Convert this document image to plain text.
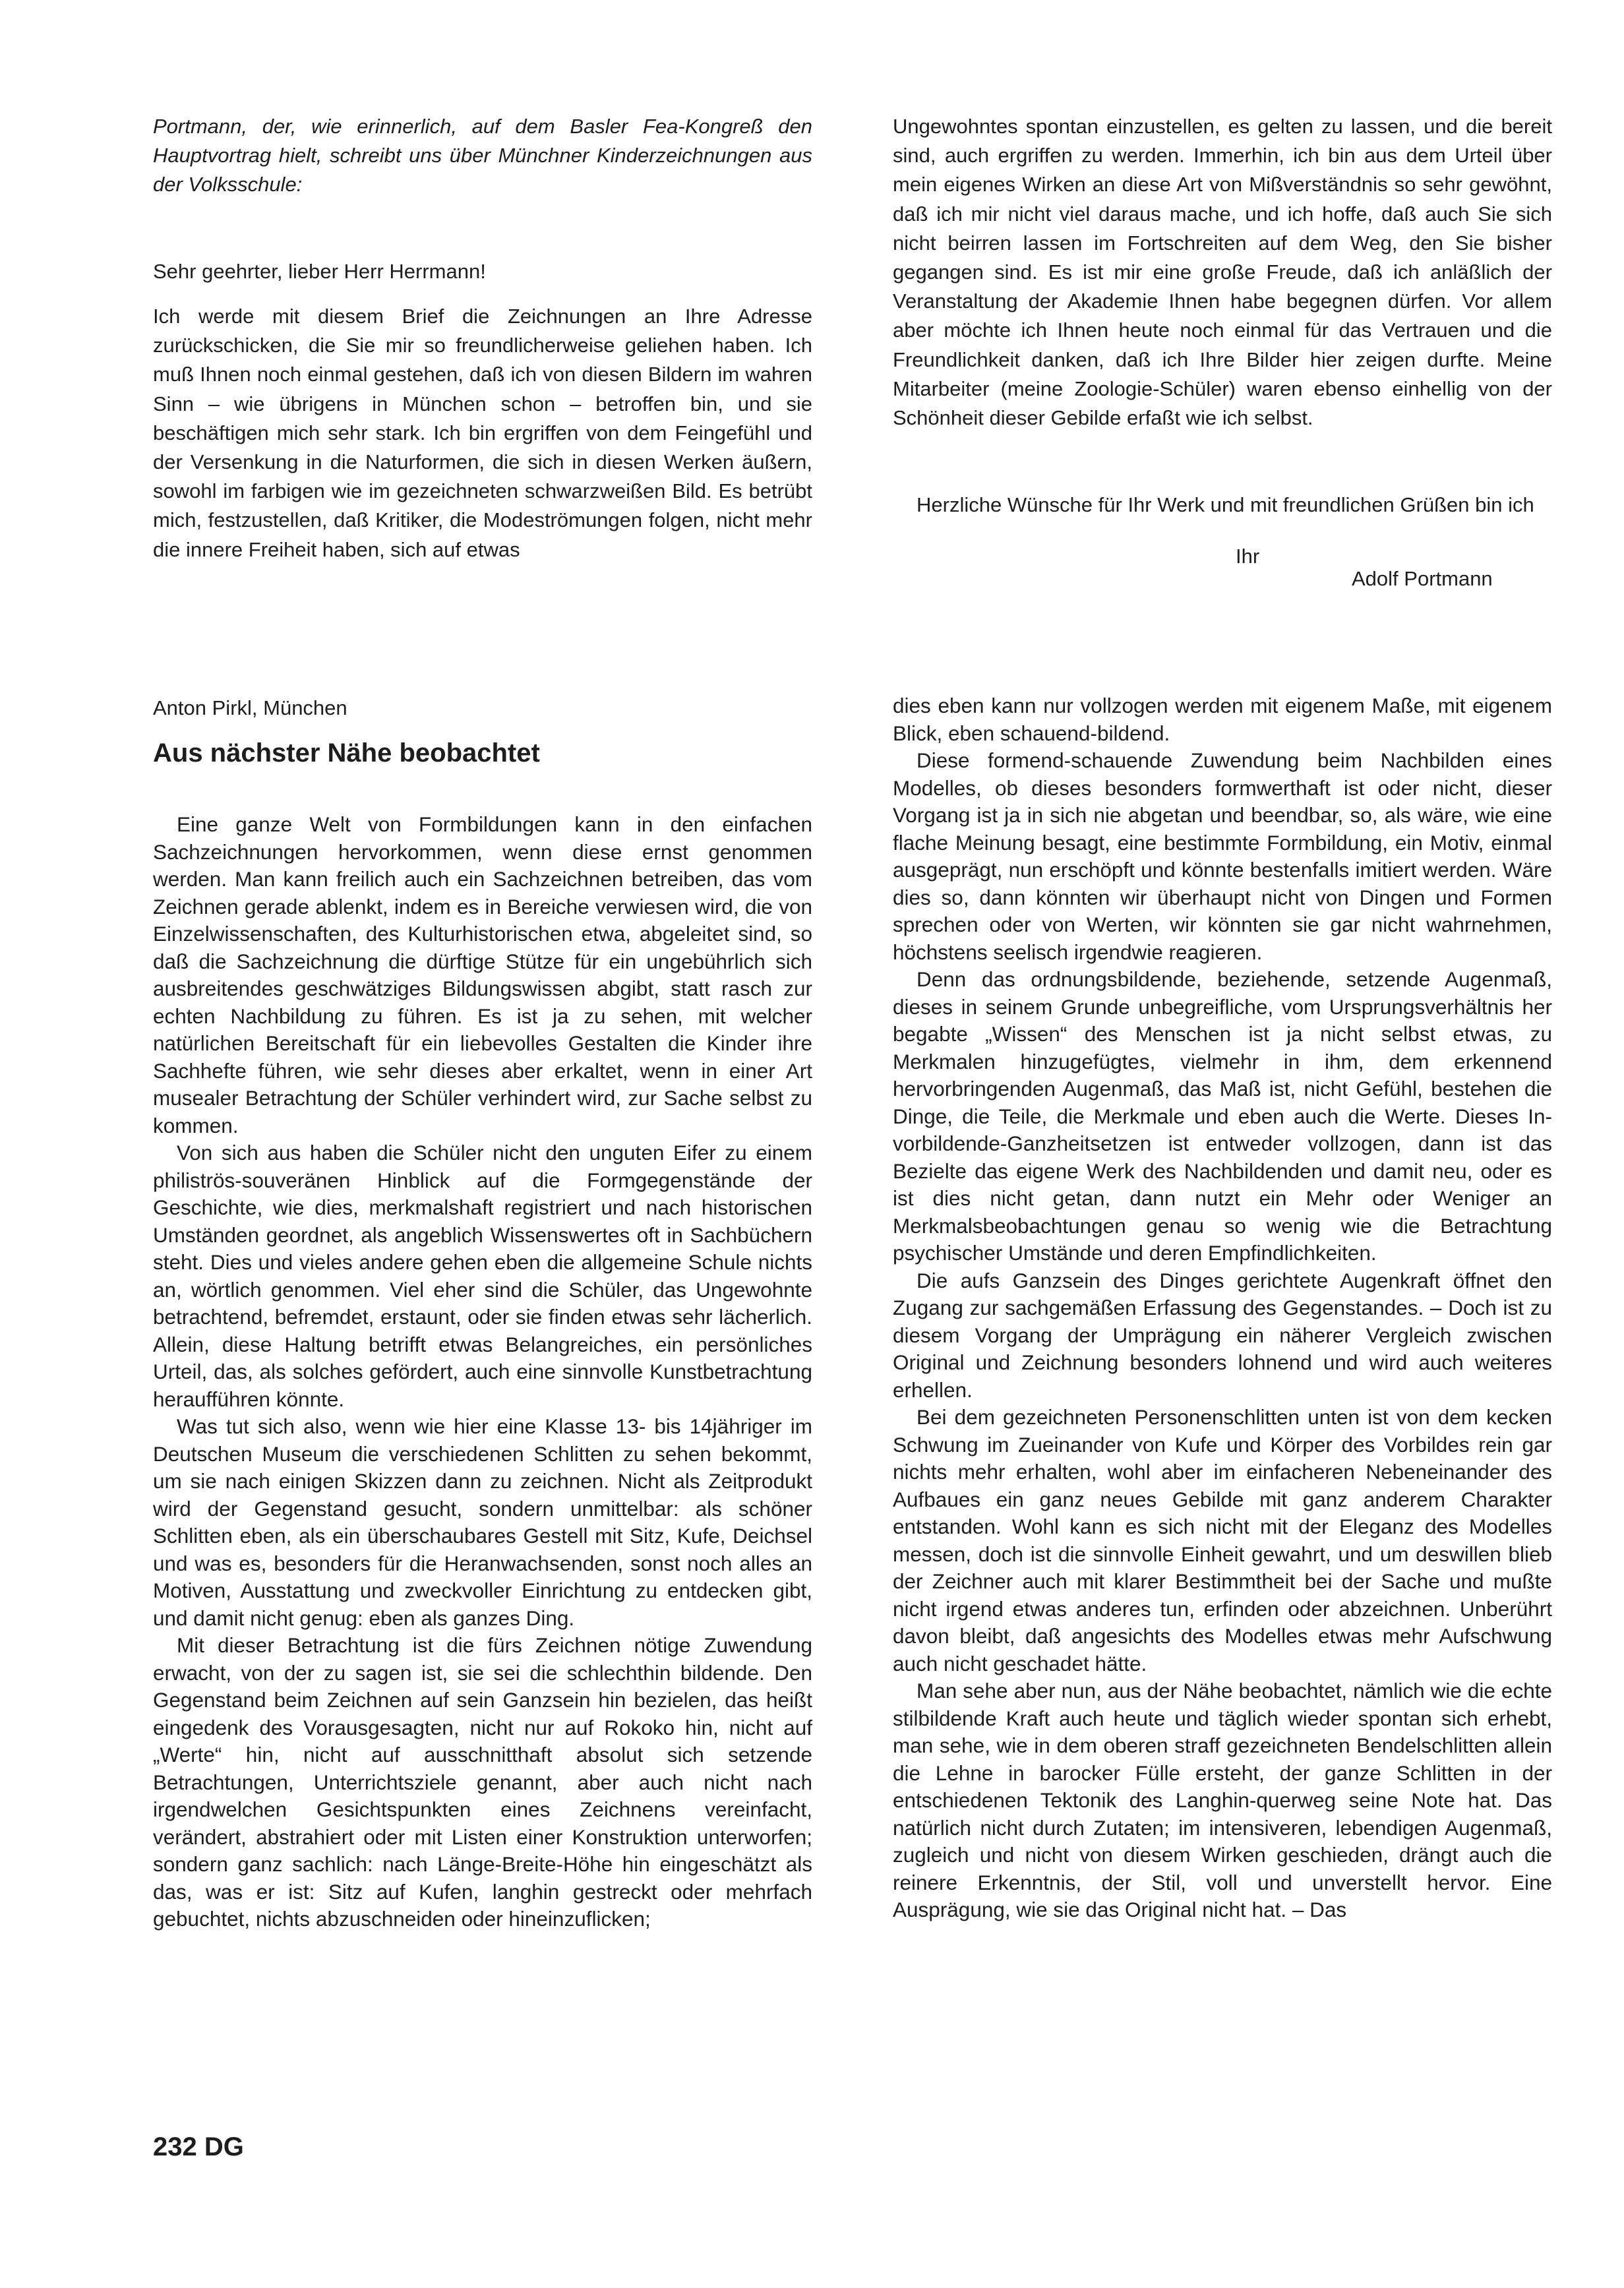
Portmann, der, wie erinnerlich, auf dem Basler Fea-Kongreß den Hauptvortrag hielt, schreibt uns über Münchner Kinderzeichnungen aus der Volksschule:
Sehr geehrter, lieber Herr Herrmann!
Ich werde mit diesem Brief die Zeichnungen an Ihre Adresse zurückschicken, die Sie mir so freundlicherweise geliehen haben. Ich muß Ihnen noch einmal gestehen, daß ich von diesen Bildern im wahren Sinn – wie übrigens in München schon – betroffen bin, und sie beschäftigen mich sehr stark. Ich bin ergriffen von dem Feingefühl und der Versenkung in die Naturformen, die sich in diesen Werken äußern, sowohl im farbigen wie im gezeichneten schwarzweißen Bild. Es betrübt mich, festzustellen, daß Kritiker, die Modeströmungen folgen, nicht mehr die innere Freiheit haben, sich auf etwas
Ungewohntes spontan einzustellen, es gelten zu lassen, und die bereit sind, auch ergriffen zu werden. Immerhin, ich bin aus dem Urteil über mein eigenes Wirken an diese Art von Mißverständnis so sehr gewöhnt, daß ich mir nicht viel daraus mache, und ich hoffe, daß auch Sie sich nicht beirren lassen im Fortschreiten auf dem Weg, den Sie bisher gegangen sind. Es ist mir eine große Freude, daß ich anläßlich der Veranstaltung der Akademie Ihnen habe begegnen dürfen. Vor allem aber möchte ich Ihnen heute noch einmal für das Vertrauen und die Freundlichkeit danken, daß ich Ihre Bilder hier zeigen durfte. Meine Mitarbeiter (meine Zoologie-Schüler) waren ebenso einhellig von der Schönheit dieser Gebilde erfaßt wie ich selbst.
Herzliche Wünsche für Ihr Werk und mit freundlichen Grüßen bin ich
Ihr
Adolf Portmann
Anton Pirkl, München
Aus nächster Nähe beobachtet

Eine ganze Welt von Formbildungen kann in den einfachen Sachzeichnungen hervorkommen, wenn diese ernst genommen werden. Man kann freilich auch ein Sachzeichnen betreiben, das vom Zeichnen gerade ablenkt, indem es in Bereiche verwiesen wird, die von Einzelwissenschaften, des Kulturhistorischen etwa, abgeleitet sind, so daß die Sachzeichnung die dürftige Stütze für ein ungebührlich sich ausbreitendes geschwätziges Bildungswissen abgibt, statt rasch zur echten Nachbildung zu führen. Es ist ja zu sehen, mit welcher natürlichen Bereitschaft für ein liebevolles Gestalten die Kinder ihre Sachhefte führen, wie sehr dieses aber erkaltet, wenn in einer Art musealer Betrachtung der Schüler verhindert wird, zur Sache selbst zu kommen.

Von sich aus haben die Schüler nicht den unguten Eifer zu einem philiströs-souveränen Hinblick auf die Formgegenstände der Geschichte, wie dies, merkmalshaft registriert und nach historischen Umständen geordnet, als angeblich Wissenswertes oft in Sachbüchern steht. Dies und vieles andere gehen eben die allgemeine Schule nichts an, wörtlich genommen. Viel eher sind die Schüler, das Ungewohnte betrachtend, befremdet, erstaunt, oder sie finden etwas sehr lächerlich. Allein, diese Haltung betrifft etwas Belangreiches, ein persönliches Urteil, das, als solches gefördert, auch eine sinnvolle Kunstbetrachtung heraufführen könnte.

Was tut sich also, wenn wie hier eine Klasse 13- bis 14jähriger im Deutschen Museum die verschiedenen Schlitten zu sehen bekommt, um sie nach einigen Skizzen dann zu zeichnen. Nicht als Zeitprodukt wird der Gegenstand gesucht, sondern unmittelbar: als schöner Schlitten eben, als ein überschaubares Gestell mit Sitz, Kufe, Deichsel und was es, besonders für die Heranwachsenden, sonst noch alles an Motiven, Ausstattung und zweckvoller Einrichtung zu entdecken gibt, und damit nicht genug: eben als ganzes Ding.

Mit dieser Betrachtung ist die fürs Zeichnen nötige Zuwendung erwacht, von der zu sagen ist, sie sei die schlechthin bildende. Den Gegenstand beim Zeichnen auf sein Ganzsein hin bezielen, das heißt eingedenk des Vorausgesagten, nicht nur auf Rokoko hin, nicht auf „Werte“ hin, nicht auf ausschnitthaft absolut sich setzende Betrachtungen, Unterrichtsziele genannt, aber auch nicht nach irgendwelchen Gesichtspunkten eines Zeichnens vereinfacht, verändert, abstrahiert oder mit Listen einer Konstruktion unterworfen; sondern ganz sachlich: nach Länge-Breite-Höhe hin eingeschätzt als das, was er ist: Sitz auf Kufen, langhin gestreckt oder mehrfach gebuchtet, nichts abzuschneiden oder hineinzuflicken;

dies eben kann nur vollzogen werden mit eigenem Maße, mit eigenem Blick, eben schauend-bildend.

Diese formend-schauende Zuwendung beim Nachbilden eines Modelles, ob dieses besonders formwerthaft ist oder nicht, dieser Vorgang ist ja in sich nie abgetan und beendbar, so, als wäre, wie eine flache Meinung besagt, eine bestimmte Formbildung, ein Motiv, einmal ausgeprägt, nun erschöpft und könnte bestenfalls imitiert werden. Wäre dies so, dann könnten wir überhaupt nicht von Dingen und Formen sprechen oder von Werten, wir könnten sie gar nicht wahrnehmen, höchstens seelisch irgendwie reagieren.

Denn das ordnungsbildende, beziehende, setzende Augenmaß, dieses in seinem Grunde unbegreifliche, vom Ursprungsverhältnis her begabte „Wissen“ des Menschen ist ja nicht selbst etwas, zu Merkmalen hinzugefügtes, vielmehr in ihm, dem erkennend hervorbringenden Augenmaß, das Maß ist, nicht Gefühl, bestehen die Dinge, die Teile, die Merkmale und eben auch die Werte. Dieses In-vorbildende-Ganzheitsetzen ist entweder vollzogen, dann ist das Bezielte das eigene Werk des Nachbildenden und damit neu, oder es ist dies nicht getan, dann nutzt ein Mehr oder Weniger an Merkmalsbeobachtungen genau so wenig wie die Betrachtung psychischer Umstände und deren Empfindlichkeiten.

Die aufs Ganzsein des Dinges gerichtete Augenkraft öffnet den Zugang zur sachgemäßen Erfassung des Gegenstandes. – Doch ist zu diesem Vorgang der Umprägung ein näherer Vergleich zwischen Original und Zeichnung besonders lohnend und wird auch weiteres erhellen.

Bei dem gezeichneten Personenschlitten unten ist von dem kecken Schwung im Zueinander von Kufe und Körper des Vorbildes rein gar nichts mehr erhalten, wohl aber im einfacheren Nebeneinander des Aufbaues ein ganz neues Gebilde mit ganz anderem Charakter entstanden. Wohl kann es sich nicht mit der Eleganz des Modelles messen, doch ist die sinnvolle Einheit gewahrt, und um deswillen blieb der Zeichner auch mit klarer Bestimmtheit bei der Sache und mußte nicht irgend etwas anderes tun, erfinden oder abzeichnen. Unberührt davon bleibt, daß angesichts des Modelles etwas mehr Aufschwung auch nicht geschadet hätte.

Man sehe aber nun, aus der Nähe beobachtet, nämlich wie die echte stilbildende Kraft auch heute und täglich wieder spontan sich erhebt, man sehe, wie in dem oberen straff gezeichneten Bendelschlitten allein die Lehne in barocker Fülle ersteht, der ganze Schlitten in der entschiedenen Tektonik des Langhin-querweg seine Note hat. Das natürlich nicht durch Zutaten; im intensiveren, lebendigen Augenmaß, zugleich und nicht von diesem Wirken geschieden, drängt auch die reinere Erkenntnis, der Stil, voll und unverstellt hervor. Eine Ausprägung, wie sie das Original nicht hat. – Das

232 DG
